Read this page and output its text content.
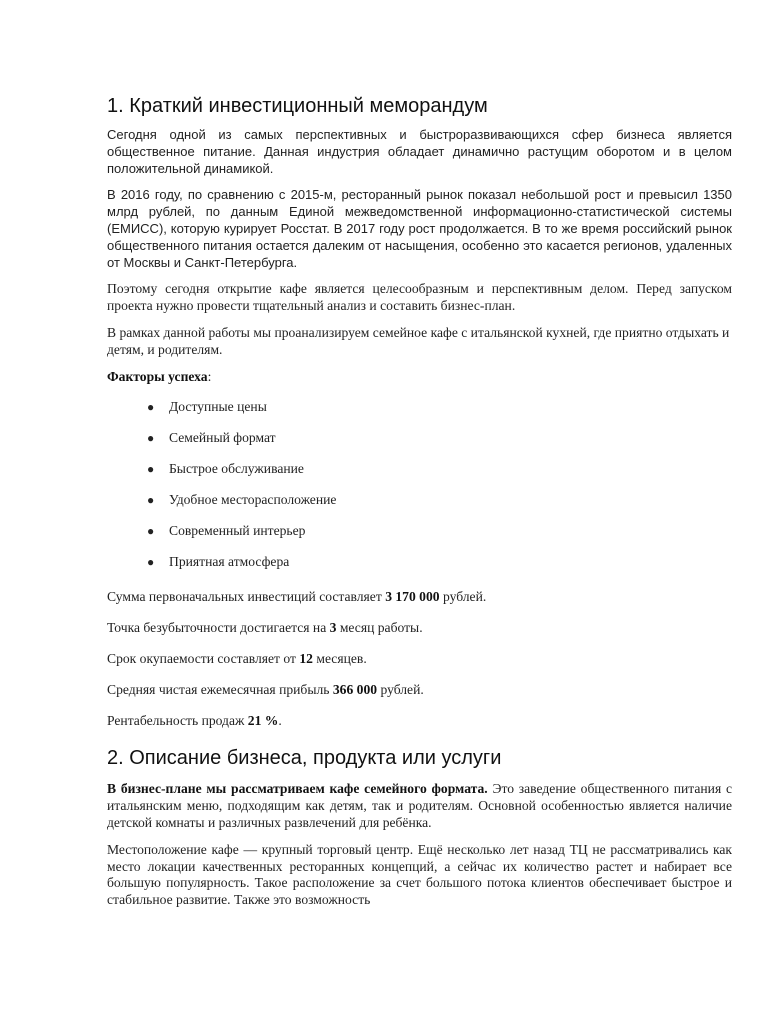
1. Краткий инвестиционный меморандум

Сегодня одной из самых перспективных и быстроразвивающихся сфер бизнеса является общественное питание. Данная индустрия обладает динамично растущим оборотом и в целом положительной динамикой.

В 2016 году, по сравнению с 2015-м, ресторанный рынок показал небольшой рост и превысил 1350 млрд рублей, по данным Единой межведомственной информационно-статистической системы (ЕМИСС), которую курирует Росстат. В 2017 году рост продолжается. В то же время российский рынок общественного питания остается далеким от насыщения, особенно это касается регионов, удаленных от Москвы и Санкт-Петербурга.

Поэтому сегодня открытие кафе является целесообразным и перспективным делом. Перед запуском проекта нужно провести тщательный анализ и составить бизнес-план.

В рамках данной работы мы проанализируем семейное кафе с итальянской кухней, где приятно отдыхать и детям, и родителям.

Факторы успеха:

● Доступные цены
● Семейный формат
● Быстрое обслуживание
● Удобное месторасположение
● Современный интерьер
● Приятная атмосфера

Сумма первоначальных инвестиций составляет 3 170 000 рублей.

Точка безубыточности достигается на 3 месяц работы.

Срок окупаемости составляет от 12 месяцев.

Средняя чистая ежемесячная прибыль 366 000 рублей.

Рентабельность продаж 21 %.

2. Описание бизнеса, продукта или услуги

В бизнес-плане мы рассматриваем кафе семейного формата. Это заведение общественного питания с итальянским меню, подходящим как детям, так и родителям. Основной особенностью является наличие детской комнаты и различных развлечений для ребёнка.

Местоположение кафе — крупный торговый центр. Ещё несколько лет назад ТЦ не рассматривались как место локации качественных ресторанных концепций, а сейчас их количество растет и набирает все большую популярность. Такое расположение за счет большого потока клиентов обеспечивает быстрое и стабильное развитие. Также это возможность
